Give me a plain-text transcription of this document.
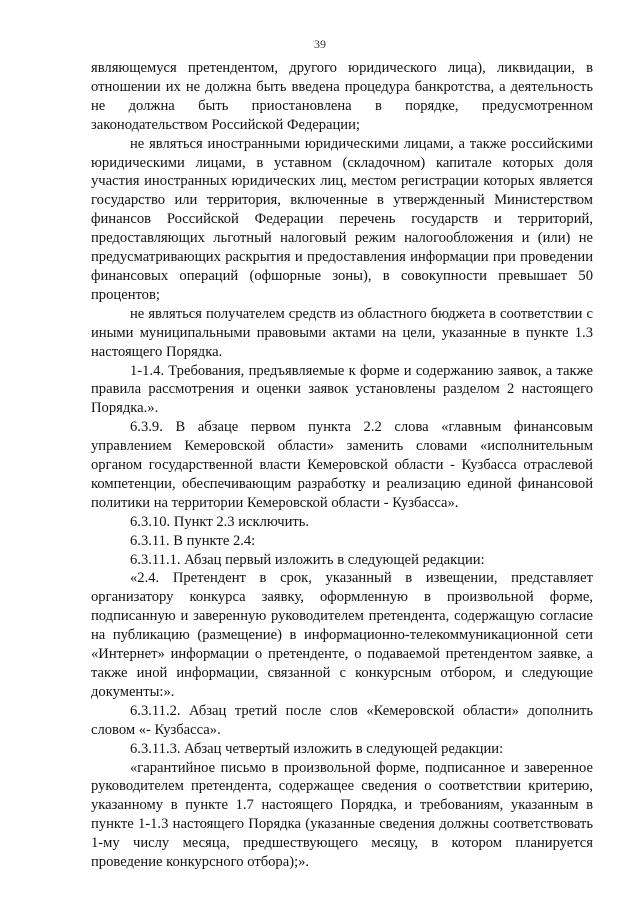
39

являющемуся претендентом, другого юридического лица), ликвидации, в отношении их не должна быть введена процедура банкротства, а деятельность не должна быть приостановлена в порядке, предусмотренном законодательством Российской Федерации;

не являться иностранными юридическими лицами, а также российскими юридическими лицами, в уставном (складочном) капитале которых доля участия иностранных юридических лиц, местом регистрации которых является государство или территория, включенные в утвержденный Министерством финансов Российской Федерации перечень государств и территорий, предоставляющих льготный налоговый режим налогообложения и (или) не предусматривающих раскрытия и предоставления информации при проведении финансовых операций (офшорные зоны), в совокупности превышает 50 процентов;

не являться получателем средств из областного бюджета в соответствии с иными муниципальными правовыми актами на цели, указанные в пункте 1.3 настоящего Порядка.

1-1.4. Требования, предъявляемые к форме и содержанию заявок, а также правила рассмотрения и оценки заявок установлены разделом 2 настоящего Порядка.».

6.3.9. В абзаце первом пункта 2.2 слова «главным финансовым управлением Кемеровской области» заменить словами «исполнительным органом государственной власти Кемеровской области - Кузбасса отраслевой компетенции, обеспечивающим разработку и реализацию единой финансовой политики на территории Кемеровской области - Кузбасса».

6.3.10. Пункт 2.3 исключить.

6.3.11. В пункте 2.4:

6.3.11.1. Абзац первый изложить в следующей редакции:

«2.4. Претендент в срок, указанный в извещении, представляет организатору конкурса заявку, оформленную в произвольной форме, подписанную и заверенную руководителем претендента, содержащую согласие на публикацию (размещение) в информационно-телекоммуникационной сети «Интернет» информации о претенденте, о подаваемой претендентом заявке, а также иной информации, связанной с конкурсным отбором, и следующие документы:».

6.3.11.2. Абзац третий после слов «Кемеровской области» дополнить словом «- Кузбасса».

6.3.11.3. Абзац четвертый изложить в следующей редакции:

«гарантийное письмо в произвольной форме, подписанное и заверенное руководителем претендента, содержащее сведения о соответствии критерию, указанному в пункте 1.7 настоящего Порядка, и требованиям, указанным в пункте 1-1.3 настоящего Порядка (указанные сведения должны соответствовать 1-му числу месяца, предшествующего месяцу, в котором планируется проведение конкурсного отбора);».
